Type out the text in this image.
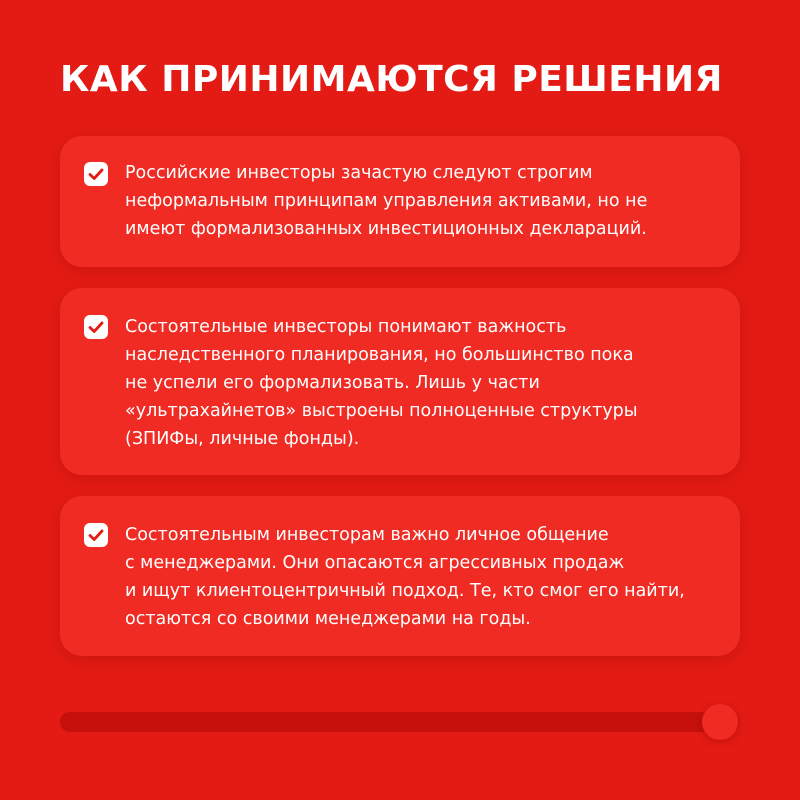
КАК ПРИНИМАЮТСЯ РЕШЕНИЯ

Российские инвесторы зачастую следуют строгим
неформальным принципам управления активами, но не
имеют формализованных инвестиционных деклараций.

Состоятельные инвесторы понимают важность
наследственного планирования, но большинство пока
не успели его формализовать. Лишь у части
«ультрахайнетов» выстроены полноценные структуры
(ЗПИФы, личные фонды).

Состоятельным инвесторам важно личное общение
с менеджерами. Они опасаются агрессивных продаж
и ищут клиентоцентричный подход. Те, кто смог его найти,
остаются со своими менеджерами на годы.
